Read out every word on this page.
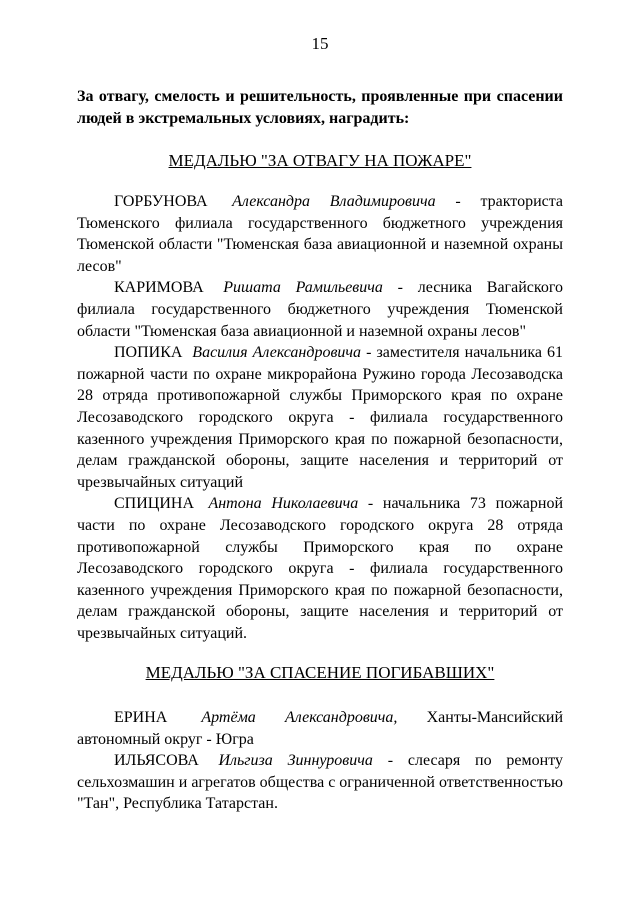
15
За отвагу, смелость и решительность, проявленные при спасении людей в экстремальных условиях, наградить:
МЕДАЛЬЮ "ЗА ОТВАГУ НА ПОЖАРЕ"

ГОРБУНОВА Александра Владимировича - тракториста Тюменского филиала государственного бюджетного учреждения Тюменской области "Тюменская база авиационной и наземной охраны лесов"

КАРИМОВА Ришата Рамильевича - лесника Вагайского филиала государственного бюджетного учреждения Тюменской области "Тюменская база авиационной и наземной охраны лесов"

ПОПИКА Василия Александровича - заместителя начальника 61 пожарной части по охране микрорайона Ружино города Лесозаводска 28 отряда противопожарной службы Приморского края по охране Лесозаводского городского округа - филиала государственного казенного учреждения Приморского края по пожарной безопасности, делам гражданской обороны, защите населения и территорий от чрезвычайных ситуаций

СПИЦИНА Антона Николаевича - начальника 73 пожарной части по охране Лесозаводского городского округа 28 отряда противопожарной службы Приморского края по охране Лесозаводского городского округа - филиала государственного казенного учреждения Приморского края по пожарной безопасности, делам гражданской обороны, защите населения и территорий от чрезвычайных ситуаций.

МЕДАЛЬЮ "ЗА СПАСЕНИЕ ПОГИБАВШИХ"

ЕРИНА Артёма Александровича, Ханты-Мансийский автономный округ - Югра

ИЛЬЯСОВА Ильгиза Зиннуровича - слесаря по ремонту сельхозмашин и агрегатов общества с ограниченной ответственностью "Тан", Республика Татарстан.
